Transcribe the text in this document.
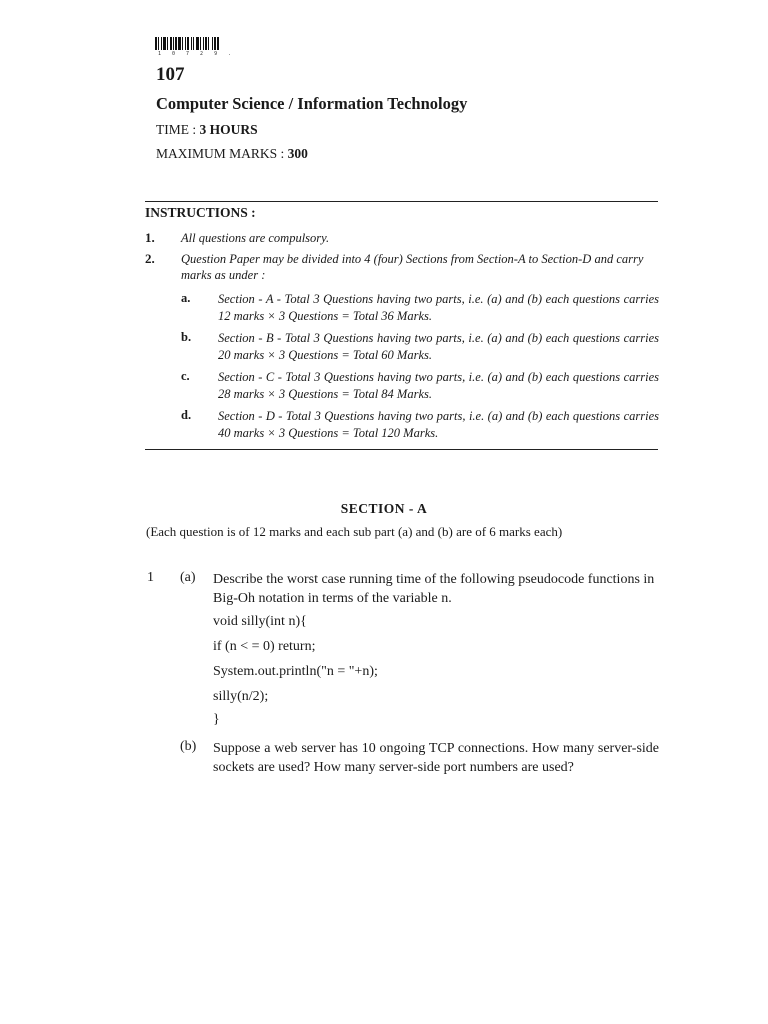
1 0 7 2 9 .
107
Computer Science / Information Technology
TIME : 3 HOURS
MAXIMUM MARKS : 300
INSTRUCTIONS :
1. All questions are compulsory.
2. Question Paper may be divided into 4 (four) Sections from Section-A to Section-D and carry marks as under :
a. Section - A - Total 3 Questions having two parts, i.e. (a) and (b) each questions carries 12 marks × 3 Questions = Total 36 Marks.
b. Section - B - Total 3 Questions having two parts, i.e. (a) and (b) each questions carries 20 marks × 3 Questions = Total 60 Marks.
c. Section - C - Total 3 Questions having two parts, i.e. (a) and (b) each questions carries 28 marks × 3 Questions = Total 84 Marks.
d. Section - D - Total 3 Questions having two parts, i.e. (a) and (b) each questions carries 40 marks × 3 Questions = Total 120 Marks.
SECTION - A
(Each question is of 12 marks and each sub part (a) and (b) are of 6 marks each)
1 (a) Describe the worst case running time of the following pseudocode functions in Big-Oh notation in terms of the variable n.
void silly(int n){
if (n < = 0) return;
System.out.println("n = "+n);
silly(n/2);
}
(b) Suppose a web server has 10 ongoing TCP connections. How many server-side sockets are used? How many server-side port numbers are used?
